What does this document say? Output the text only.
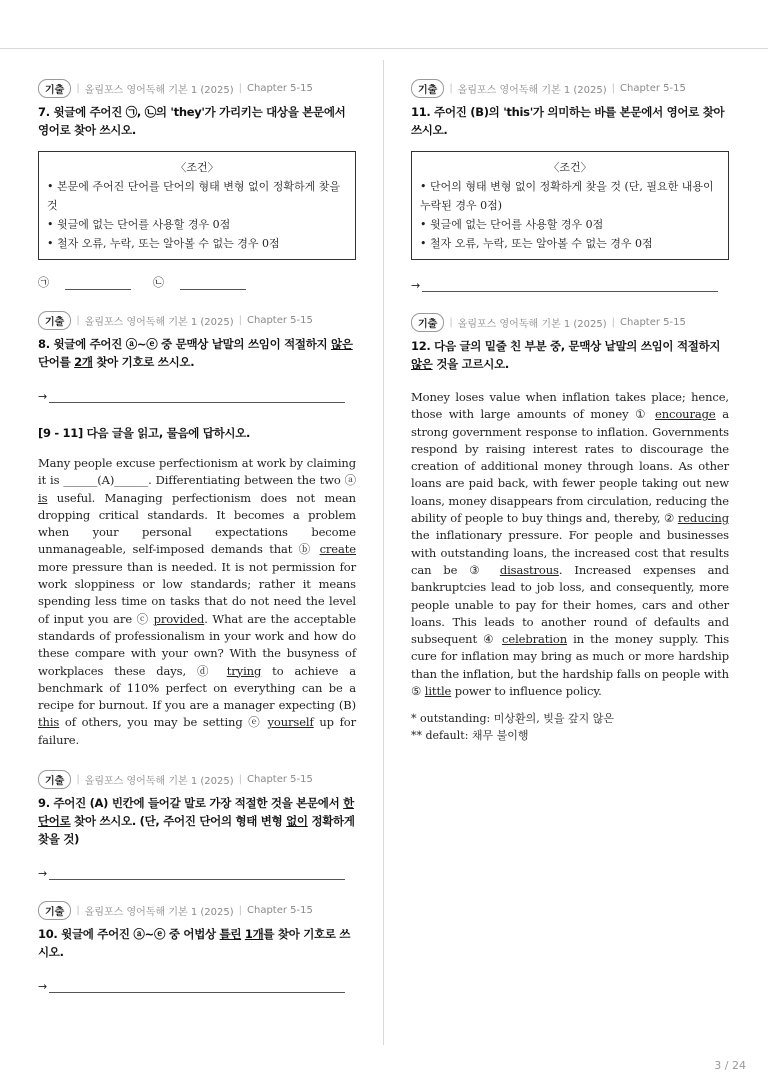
기출	| 올림포스 영어독해 기본 1 (2025) | Chapter 5-15
7. 윗글에 주어진 ㉠, ㉡의 'they'가 가리키는 대상을 본문에서 영어로 찾아 쓰시오.
〈조건〉
• 본문에 주어진 단어를 단어의 형태 변형 없이 정확하게 찾을 것
• 윗글에 없는 단어를 사용할 경우 0점
• 철자 오류, 누락, 또는 알아볼 수 없는 경우 0점
㉠	㉡
기출	| 올림포스 영어독해 기본 1 (2025) | Chapter 5-15
8. 윗글에 주어진 ⓐ~ⓔ 중 문맥상 낱말의 쓰임이 적절하지 않은 단어를 2개 찾아 기호로 쓰시오.
→
[9 - 11] 다음 글을 읽고, 물음에 답하시오.
Many people excuse perfectionism at work by claiming it is ______(A)______. Differentiating between the two ⓐ is useful. Managing perfectionism does not mean dropping critical standards. It becomes a problem when your personal expectations become unmanageable, self-imposed demands that ⓑ create more pressure than is needed. It is not permission for work sloppiness or low standards; rather it means spending less time on tasks that do not need the level of input you are ⓒ provided. What are the acceptable standards of professionalism in your work and how do these compare with your own? With the busyness of workplaces these days, ⓓ trying to achieve a benchmark of 110% perfect on everything can be a recipe for burnout. If you are a manager expecting (B) this of others, you may be setting ⓔ yourself up for failure.
기출	| 올림포스 영어독해 기본 1 (2025) | Chapter 5-15
9. 주어진 (A) 빈칸에 들어갈 말로 가장 적절한 것을 본문에서 한 단어로 찾아 쓰시오. (단, 주어진 단어의 형태 변형 없이 정확하게 찾을 것)
→
기출	| 올림포스 영어독해 기본 1 (2025) | Chapter 5-15
10. 윗글에 주어진 ⓐ~ⓔ 중 어법상 틀린 1개를 찾아 기호로 쓰시오.
→
기출	| 올림포스 영어독해 기본 1 (2025) | Chapter 5-15
11. 주어진 (B)의 'this'가 의미하는 바를 본문에서 영어로 찾아 쓰시오.
〈조건〉
• 단어의 형태 변형 없이 정확하게 찾을 것 (단, 필요한 내용이 누락된 경우 0점)
• 윗글에 없는 단어를 사용할 경우 0점
• 철자 오류, 누락, 또는 알아볼 수 없는 경우 0점
→
기출	| 올림포스 영어독해 기본 1 (2025) | Chapter 5-15
12. 다음 글의 밑줄 친 부분 중, 문맥상 낱말의 쓰임이 적절하지 않은 것을 고르시오.
Money loses value when inflation takes place; hence, those with large amounts of money ① encourage a strong government response to inflation. Governments respond by raising interest rates to discourage the creation of additional money through loans. As other loans are paid back, with fewer people taking out new loans, money disappears from circulation, reducing the ability of people to buy things and, thereby, ② reducing the inflationary pressure. For people and businesses with outstanding loans, the increased cost that results can be ③ disastrous. Increased expenses and bankruptcies lead to job loss, and consequently, more people unable to pay for their homes, cars and other loans. This leads to another round of defaults and subsequent ④ celebration in the money supply. This cure for inflation may bring as much or more hardship than the inflation, but the hardship falls on people with ⑤ little power to influence policy.
* outstanding: 미상환의, 빚을 갚지 않은
** default: 채무 불이행
3 / 24
